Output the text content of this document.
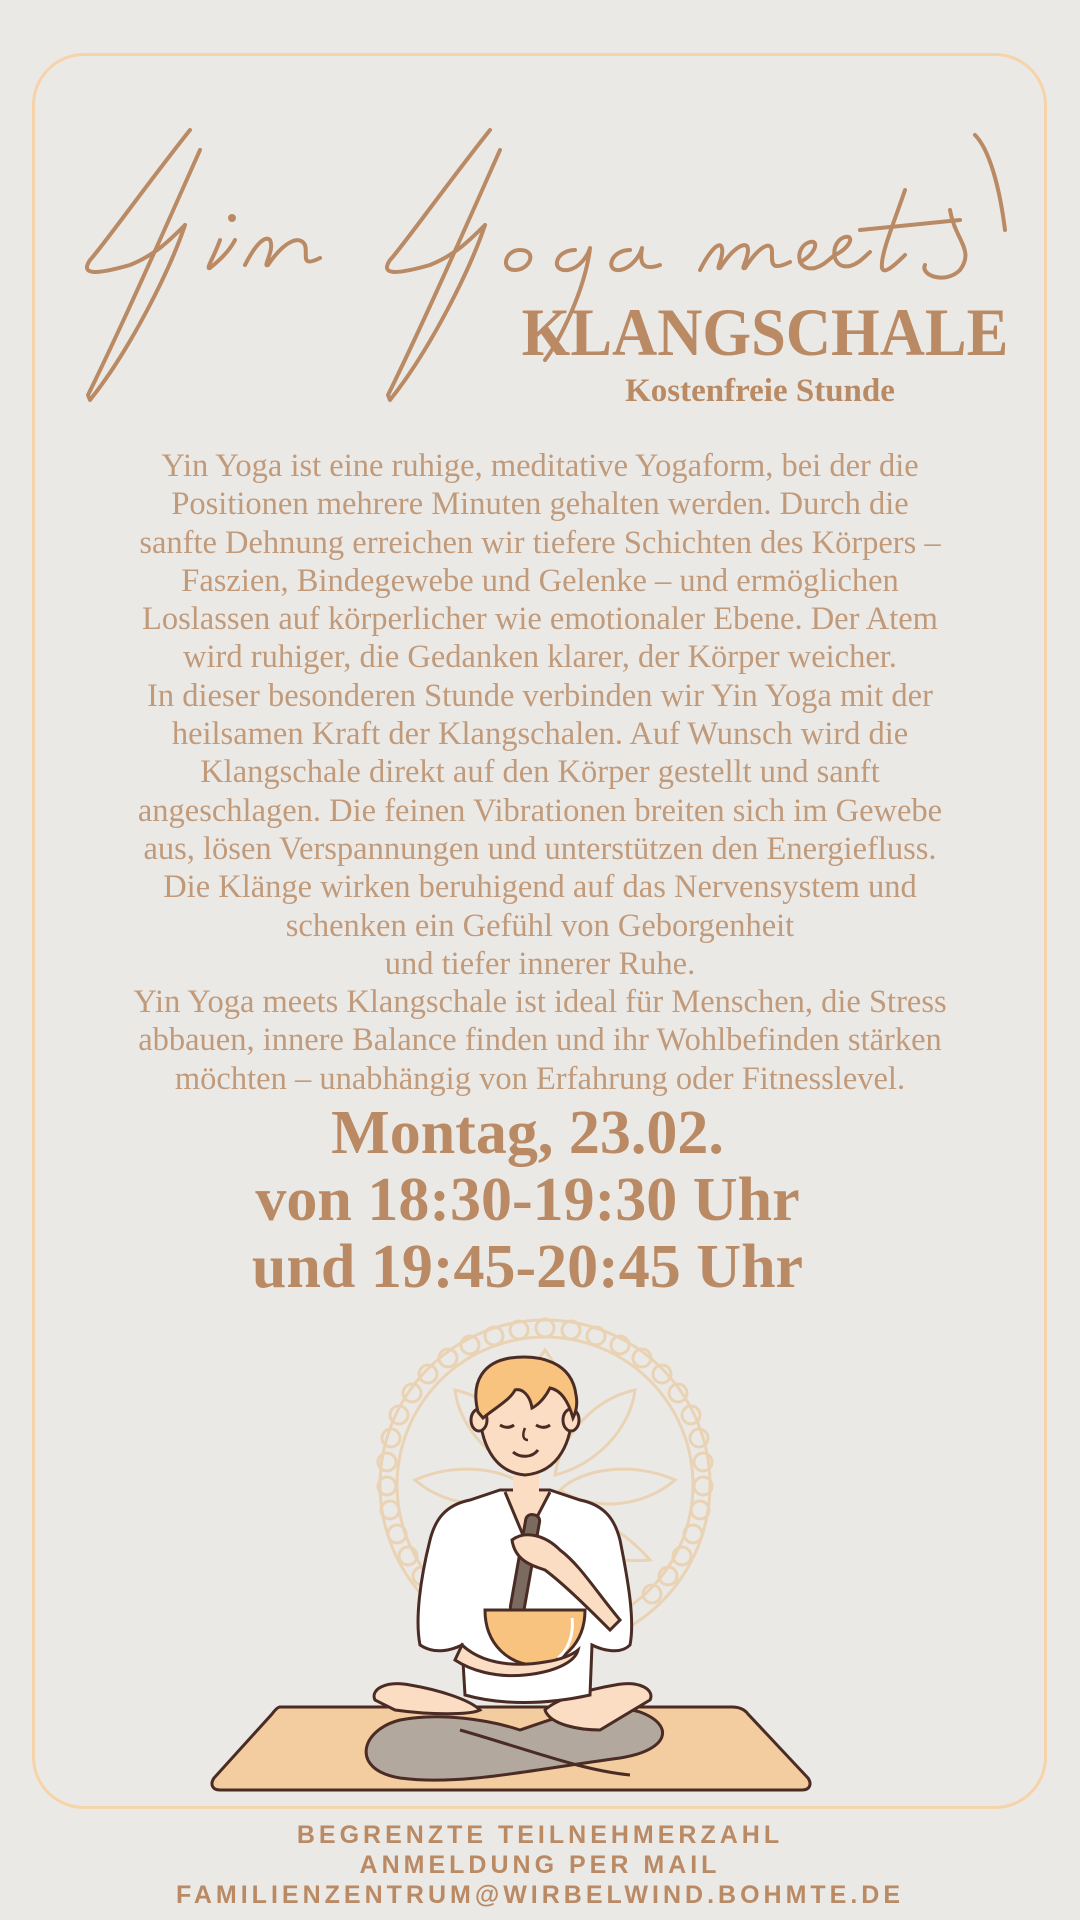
KLANGSCHALE
Kostenfreie Stunde
Yin Yoga ist eine ruhige, meditative Yogaform, bei der die
Positionen mehrere Minuten gehalten werden. Durch die
sanfte Dehnung erreichen wir tiefere Schichten des Körpers –
Faszien, Bindegewebe und Gelenke – und ermöglichen
Loslassen auf körperlicher wie emotionaler Ebene. Der Atem
wird ruhiger, die Gedanken klarer, der Körper weicher.
In dieser besonderen Stunde verbinden wir Yin Yoga mit der
heilsamen Kraft der Klangschalen. Auf Wunsch wird die
Klangschale direkt auf den Körper gestellt und sanft
angeschlagen. Die feinen Vibrationen breiten sich im Gewebe
aus, lösen Verspannungen und unterstützen den Energiefluss.
Die Klänge wirken beruhigend auf das Nervensystem und
schenken ein Gefühl von Geborgenheit
und tiefer innerer Ruhe.
Yin Yoga meets Klangschale ist ideal für Menschen, die Stress
abbauen, innere Balance finden und ihr Wohlbefinden stärken
möchten – unabhängig von Erfahrung oder Fitnesslevel.
Montag, 23.02.
von 18:30-19:30 Uhr
und 19:45-20:45 Uhr
BEGRENZTE TEILNEHMERZAHL
ANMELDUNG PER MAIL
FAMILIENZENTRUM@WIRBELWIND.BOHMTE.DE
